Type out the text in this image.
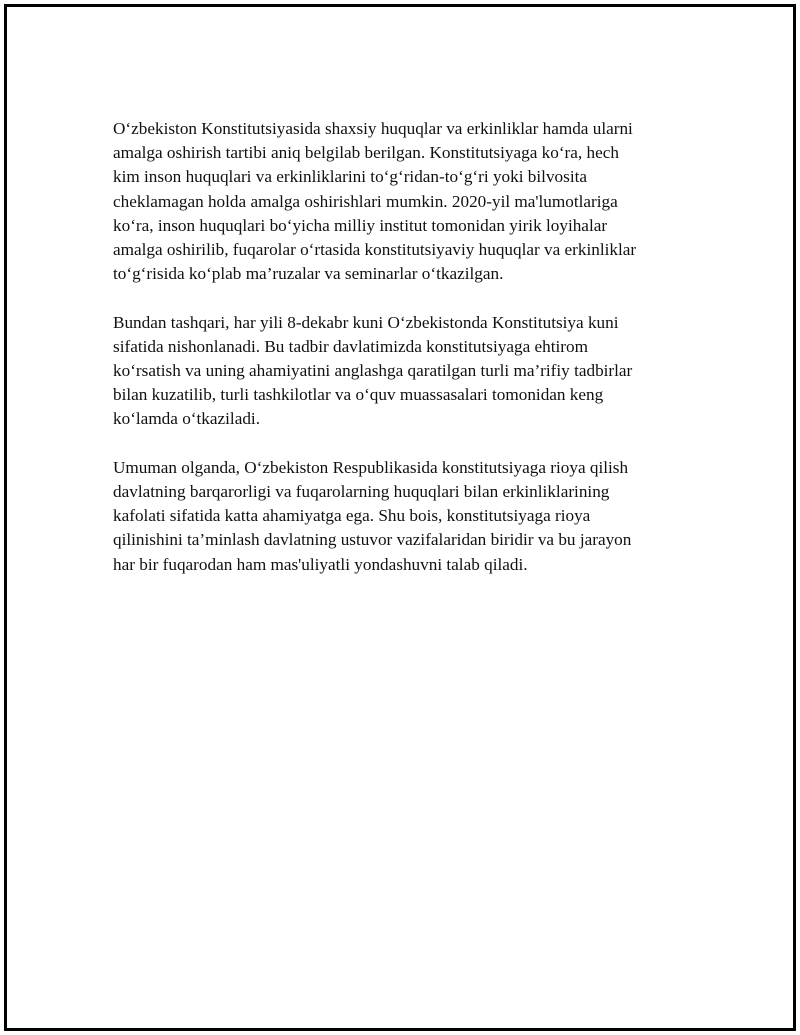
O‘zbekiston Konstitutsiyasida shaxsiy huquqlar va erkinliklar hamda ularni
amalga oshirish tartibi aniq belgilab berilgan. Konstitutsiyaga ko‘ra, hech
kim inson huquqlari va erkinliklarini to‘g‘ridan-to‘g‘ri yoki bilvosita
cheklamagan holda amalga oshirishlari mumkin. 2020-yil ma'lumotlariga
ko‘ra, inson huquqlari bo‘yicha milliy institut tomonidan yirik loyihalar
amalga oshirilib, fuqarolar o‘rtasida konstitutsiyaviy huquqlar va erkinliklar
to‘g‘risida ko‘plab ma’ruzalar va seminarlar o‘tkazilgan.

Bundan tashqari, har yili 8-dekabr kuni O‘zbekistonda Konstitutsiya kuni
sifatida nishonlanadi. Bu tadbir davlatimizda konstitutsiyaga ehtirom
ko‘rsatish va uning ahamiyatini anglashga qaratilgan turli ma’rifiy tadbirlar
bilan kuzatilib, turli tashkilotlar va o‘quv muassasalari tomonidan keng
ko‘lamda o‘tkaziladi.

Umuman olganda, O‘zbekiston Respublikasida konstitutsiyaga rioya qilish
davlatning barqarorligi va fuqarolarning huquqlari bilan erkinliklarining
kafolati sifatida katta ahamiyatga ega. Shu bois, konstitutsiyaga rioya
qilinishini ta’minlash davlatning ustuvor vazifalaridan biridir va bu jarayon
har bir fuqarodan ham mas'uliyatli yondashuvni talab qiladi.
